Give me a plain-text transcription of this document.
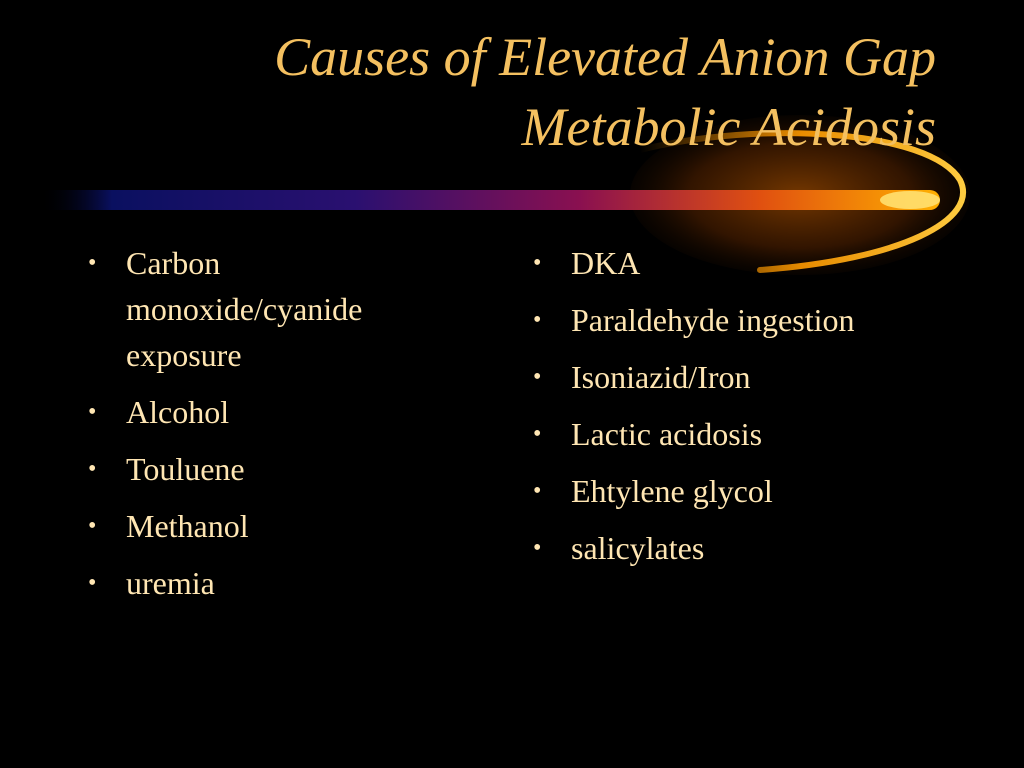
Causes of Elevated Anion Gap
Metabolic Acidosis
• Carbon monoxide/cyanide exposure
• Alcohol
• Touluene
• Methanol
• uremia
• DKA
• Paraldehyde ingestion
• Isoniazid/Iron
• Lactic acidosis
• Ehtylene glycol
• salicylates
